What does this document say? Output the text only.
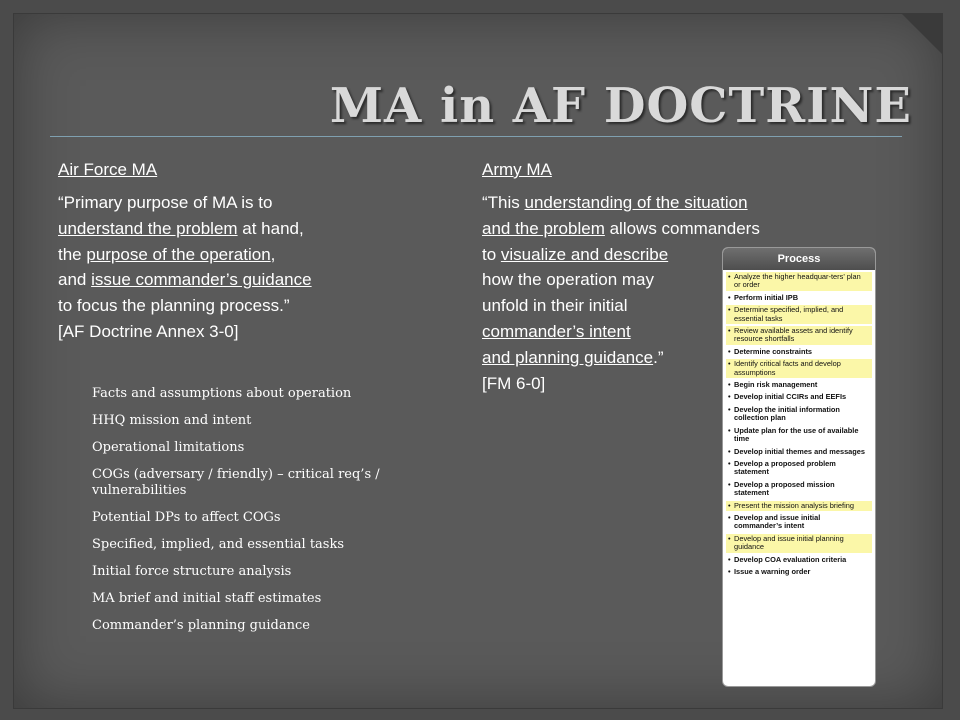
MA in AF DOCTRINE
Air Force MA
“Primary purpose of MA is to
understand the problem at hand,
the purpose of the operation,
and issue commander’s guidance
to focus the planning process.”
[AF Doctrine Annex 3-0]
Facts and assumptions about operation
HHQ mission and intent
Operational limitations
COGs (adversary / friendly) – critical req’s / vulnerabilities
Potential DPs to affect COGs
Specified, implied, and essential tasks
Initial force structure analysis
MA brief and initial staff estimates
Commander’s planning guidance
Army MA
“This understanding of the situation
and the problem allows commanders
to visualize and describe
how the operation may
unfold in their initial
commander’s intent
and planning guidance.”
[FM 6-0]
Process
• Analyze the higher headquar-ters’ plan or order
• Perform initial IPB
• Determine specified, implied, and essential tasks
• Review available assets and identify resource shortfalls
• Determine constraints
• Identify critical facts and develop assumptions
• Begin risk management
• Develop initial CCIRs and EEFIs
• Develop the initial information collection plan
• Update plan for the use of available time
• Develop initial themes and messages
• Develop a proposed problem statement
• Develop a proposed mission statement
• Present the mission analysis briefing
• Develop and issue initial commander’s intent
• Develop and issue initial planning guidance
• Develop COA evaluation criteria
• Issue a warning order
